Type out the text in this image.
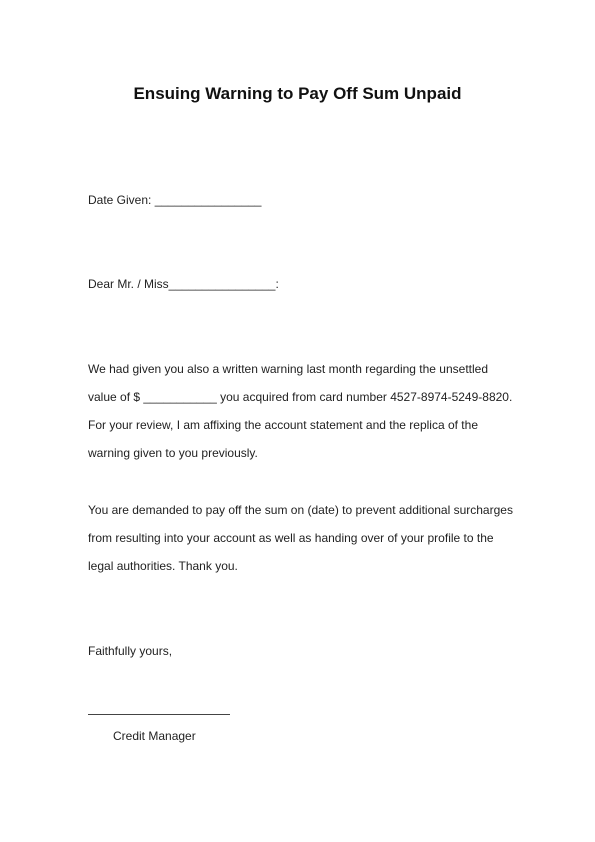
Ensuing Warning to Pay Off Sum Unpaid
Date Given: ________________
Dear Mr. / Miss________________:
We had given you also a written warning last month regarding the unsettled
value of $ ___________ you acquired from card number 4527-8974-5249-8820.
For your review, I am affixing the account statement and the replica of the
warning given to you previously.
You are demanded to pay off the sum on (date) to prevent additional surcharges
from resulting into your account as well as handing over of your profile to the
legal authorities. Thank you.
Faithfully yours,
Credit Manager
